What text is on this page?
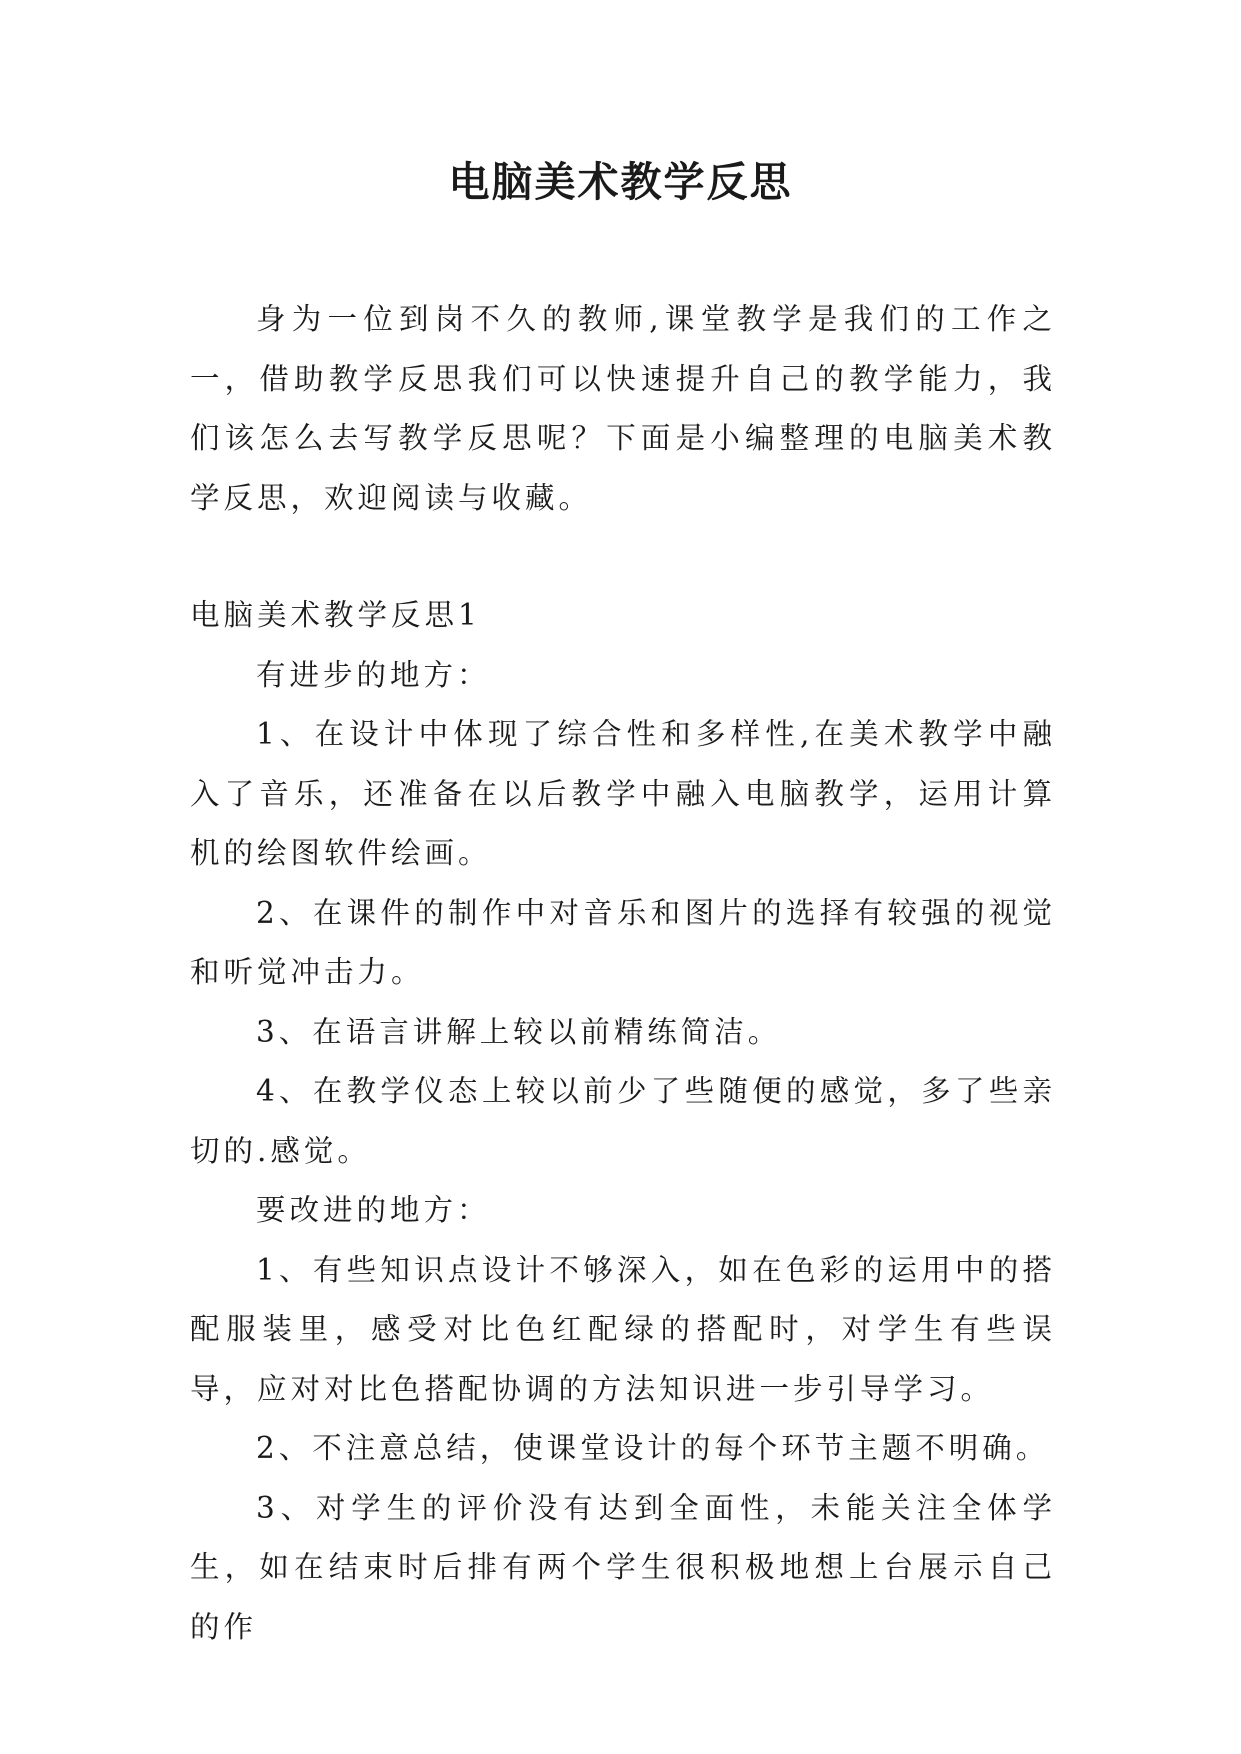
电脑美术教学反思

身为一位到岗不久的教师,课堂教学是我们的工作之一，借助教学反思我们可以快速提升自己的教学能力，我们该怎么去写教学反思呢？下面是小编整理的电脑美术教学反思，欢迎阅读与收藏。

电脑美术教学反思1

有进步的地方：

1、在设计中体现了综合性和多样性,在美术教学中融入了音乐，还准备在以后教学中融入电脑教学，运用计算机的绘图软件绘画。

2、在课件的制作中对音乐和图片的选择有较强的视觉和听觉冲击力。

3、在语言讲解上较以前精练简洁。

4、在教学仪态上较以前少了些随便的感觉，多了些亲切的.感觉。

要改进的地方：

1、有些知识点设计不够深入，如在色彩的运用中的搭配服装里，感受对比色红配绿的搭配时，对学生有些误导，应对对比色搭配协调的方法知识进一步引导学习。

2、不注意总结，使课堂设计的每个环节主题不明确。

3、对学生的评价没有达到全面性，未能关注全体学生，如在结束时后排有两个学生很积极地想上台展示自己的作
